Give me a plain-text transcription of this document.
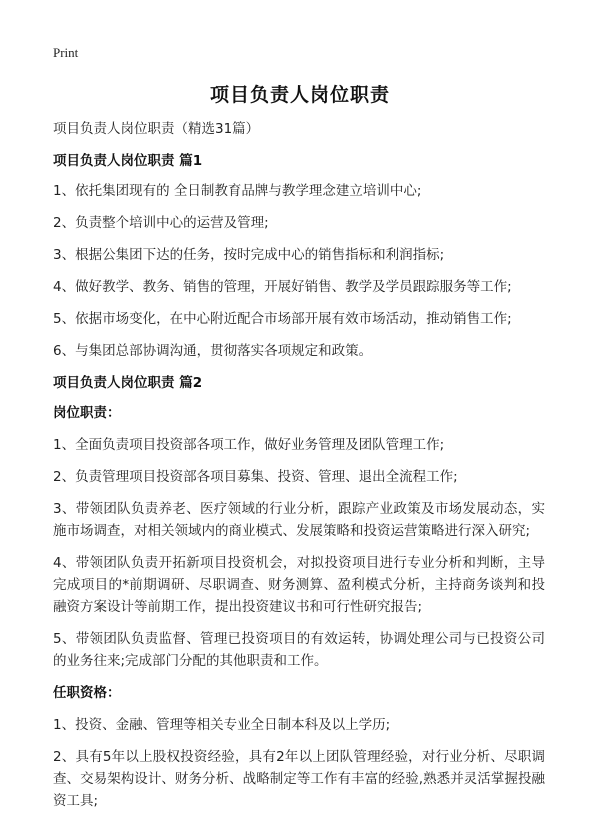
Print
项目负责人岗位职责

项目负责人岗位职责（精选31篇）

项目负责人岗位职责 篇1

1、依托集团现有的 全日制教育品牌与教学理念建立培训中心;

2、负责整个培训中心的运营及管理;

3、根据公集团下达的任务，按时完成中心的销售指标和利润指标;

4、做好教学、教务、销售的管理，开展好销售、教学及学员跟踪服务等工作;

5、依据市场变化，在中心附近配合市场部开展有效市场活动，推动销售工作;

6、与集团总部协调沟通，贯彻落实各项规定和政策。

项目负责人岗位职责 篇2

岗位职责：

1、全面负责项目投资部各项工作，做好业务管理及团队管理工作;

2、负责管理项目投资部各项目募集、投资、管理、退出全流程工作;

3、带领团队负责养老、医疗领域的行业分析，跟踪产业政策及市场发展动态，实施市场调查，对相关领域内的商业模式、发展策略和投资运营策略进行深入研究;

4、带领团队负责开拓新项目投资机会，对拟投资项目进行专业分析和判断，主导完成项目的*前期调研、尽职调查、财务测算、盈利模式分析，主持商务谈判和投融资方案设计等前期工作，提出投资建议书和可行性研究报告;

5、带领团队负责监督、管理已投资项目的有效运转，协调处理公司与已投资公司的业务往来;完成部门分配的其他职责和工作。

任职资格：

1、投资、金融、管理等相关专业全日制本科及以上学历;

2、具有5年以上股权投资经验，具有2年以上团队管理经验，对行业分析、尽职调查、交易架构设计、财务分析、战略制定等工作有丰富的经验,熟悉并灵活掌握投融资工具;
